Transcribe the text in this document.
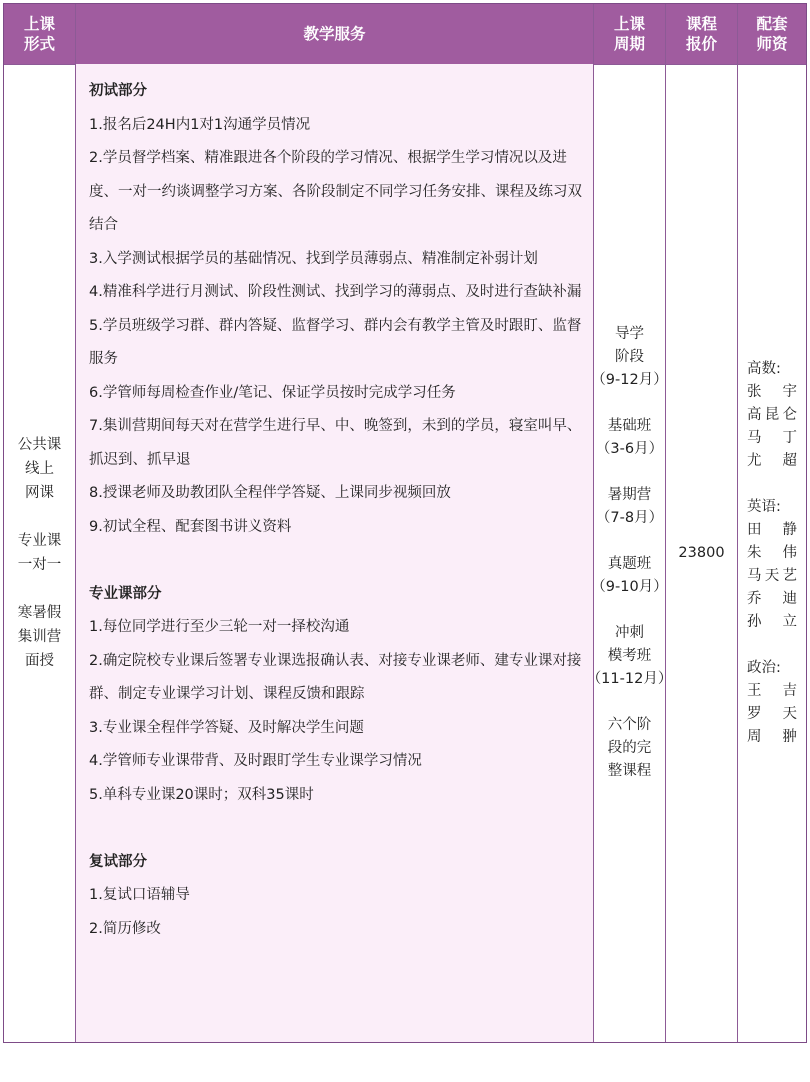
上课
形式
教学服务
上课
周期
课程
报价
配套
师资
公共课
线上
网课
专业课
一对一
寒暑假
集训营
面授
初试部分
1.报名后24H内1对1沟通学员情况
2.学员督学档案、精准跟进各个阶段的学习情况、根据学生学习情况以及进度、一对一约谈调整学习方案、各阶段制定不同学习任务安排、课程及练习双结合
3.入学测试根据学员的基础情况、找到学员薄弱点、精准制定补弱计划
4.精准科学进行月测试、阶段性测试、找到学习的薄弱点、及时进行查缺补漏
5.学员班级学习群、群内答疑、监督学习、群内会有教学主管及时跟盯、监督服务
6.学管师每周检查作业/笔记、保证学员按时完成学习任务
7.集训营期间每天对在营学生进行早、中、晚签到，未到的学员，寝室叫早、抓迟到、抓早退
8.授课老师及助教团队全程伴学答疑、上课同步视频回放
9.初试全程、配套图书讲义资料
专业课部分
1.每位同学进行至少三轮一对一择校沟通
2.确定院校专业课后签署专业课选报确认表、对接专业课老师、建专业课对接群、制定专业课学习计划、课程反馈和跟踪
3.专业课全程伴学答疑、及时解决学生问题
4.学管师专业课带背、及时跟盯学生专业课学习情况
5.单科专业课20课时；双科35课时
复试部分
1.复试口语辅导
2.简历修改
导学
阶段
（9-12月）
基础班
（3-6月）
暑期营
（7-8月）
真题班
（9-10月）
冲刺
模考班
（11-12月）
六个阶
段的完
整课程
23800
高数:
张　宇
高昆仑
马　丁
尤　超
英语:
田　静
朱　伟
马天艺
乔　迪
孙　立
政治:
王　吉
罗　天
周　翀
